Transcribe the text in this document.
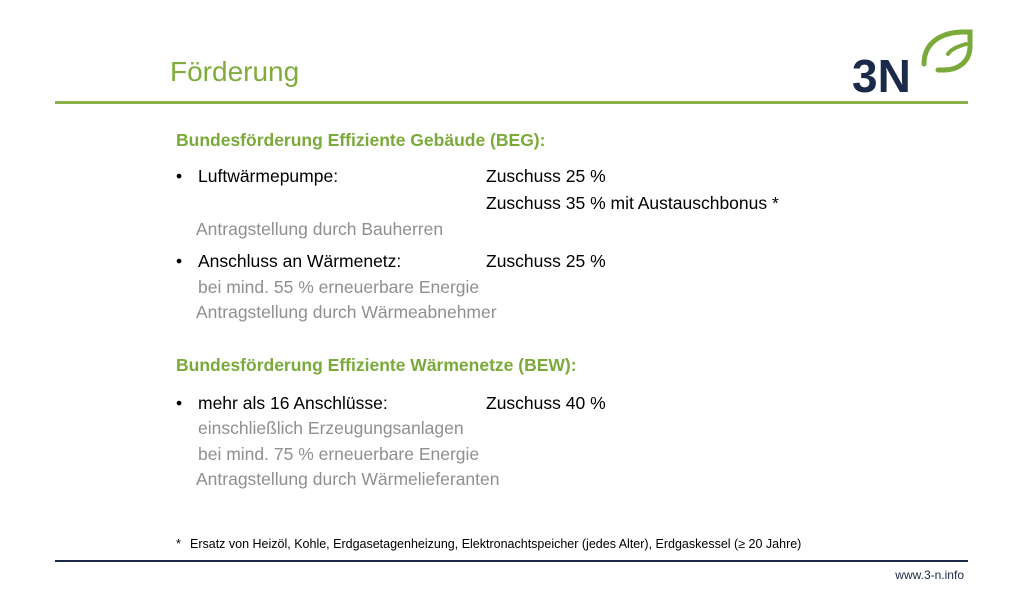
Förderung	3N
Bundesförderung Effiziente Gebäude (BEG):
• Luftwärmepumpe:	Zuschuss 25 %
Zuschuss 35 % mit Austauschbonus *
Antragstellung durch Bauherren
• Anschluss an Wärmenetz:	Zuschuss 25 %
bei mind. 55 % erneuerbare Energie
Antragstellung durch Wärmeabnehmer
Bundesförderung Effiziente Wärmenetze (BEW):
• mehr als 16 Anschlüsse:	Zuschuss 40 %
einschließlich Erzeugungsanlagen
bei mind. 75 % erneuerbare Energie
Antragstellung durch Wärmelieferanten
* Ersatz von Heizöl, Kohle, Erdgasetagenheizung, Elektronachtspeicher (jedes Alter), Erdgaskessel (≥ 20 Jahre)
www.3-n.info
